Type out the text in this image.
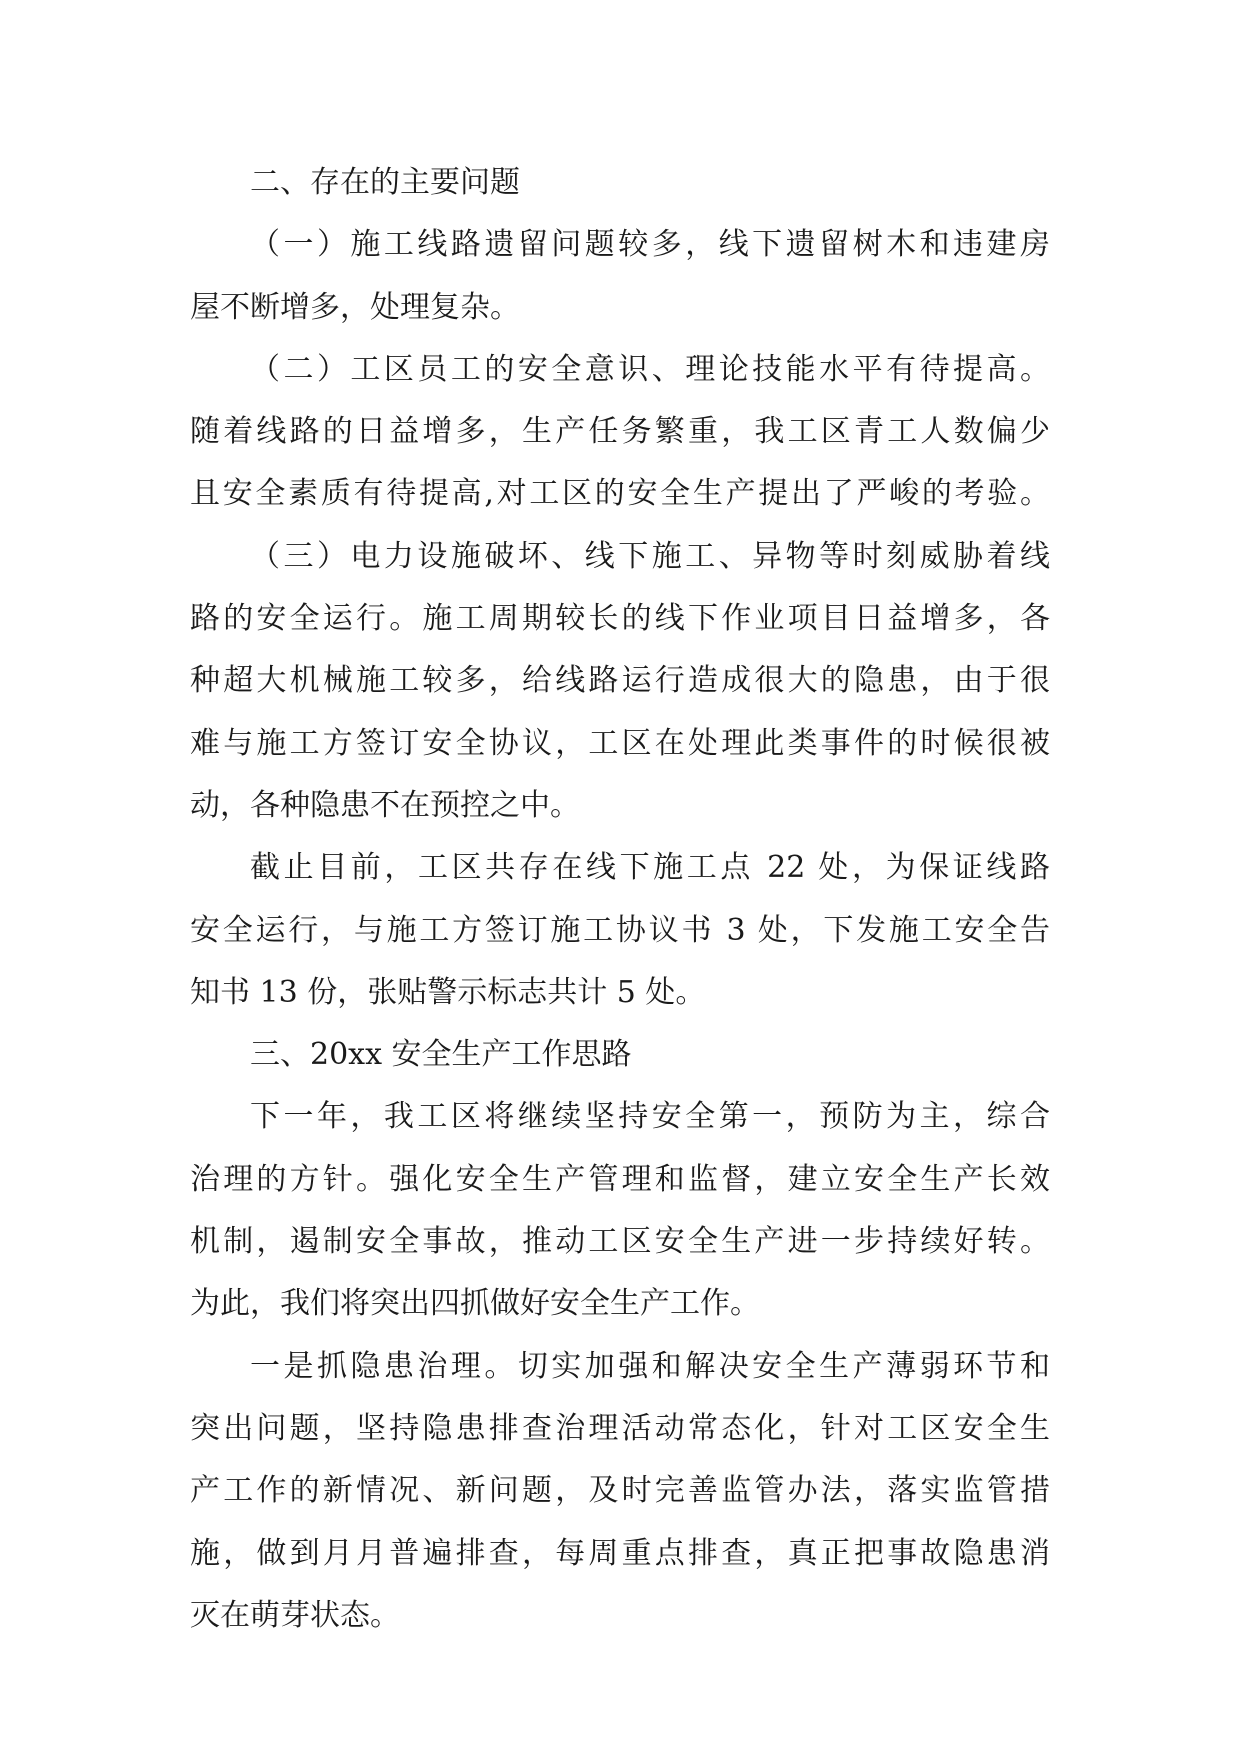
二、存在的主要问题
（一）施工线路遗留问题较多，线下遗留树木和违建房
屋不断增多，处理复杂。
（二）工区员工的安全意识、理论技能水平有待提高。
随着线路的日益增多，生产任务繁重，我工区青工人数偏少
且安全素质有待提高,对工区的安全生产提出了严峻的考验。
（三）电力设施破坏、线下施工、异物等时刻威胁着线
路的安全运行。施工周期较长的线下作业项目日益增多，各
种超大机械施工较多，给线路运行造成很大的隐患，由于很
难与施工方签订安全协议，工区在处理此类事件的时候很被
动，各种隐患不在预控之中。
截止目前，工区共存在线下施工点 22 处，为保证线路
安全运行，与施工方签订施工协议书 3 处，下发施工安全告
知书 13 份，张贴警示标志共计 5 处。
三、20xx 安全生产工作思路
下一年，我工区将继续坚持安全第一，预防为主，综合
治理的方针。强化安全生产管理和监督，建立安全生产长效
机制，遏制安全事故，推动工区安全生产进一步持续好转。
为此，我们将突出四抓做好安全生产工作。
一是抓隐患治理。切实加强和解决安全生产薄弱环节和
突出问题，坚持隐患排查治理活动常态化，针对工区安全生
产工作的新情况、新问题，及时完善监管办法，落实监管措
施，做到月月普遍排查，每周重点排查，真正把事故隐患消
灭在萌芽状态。
